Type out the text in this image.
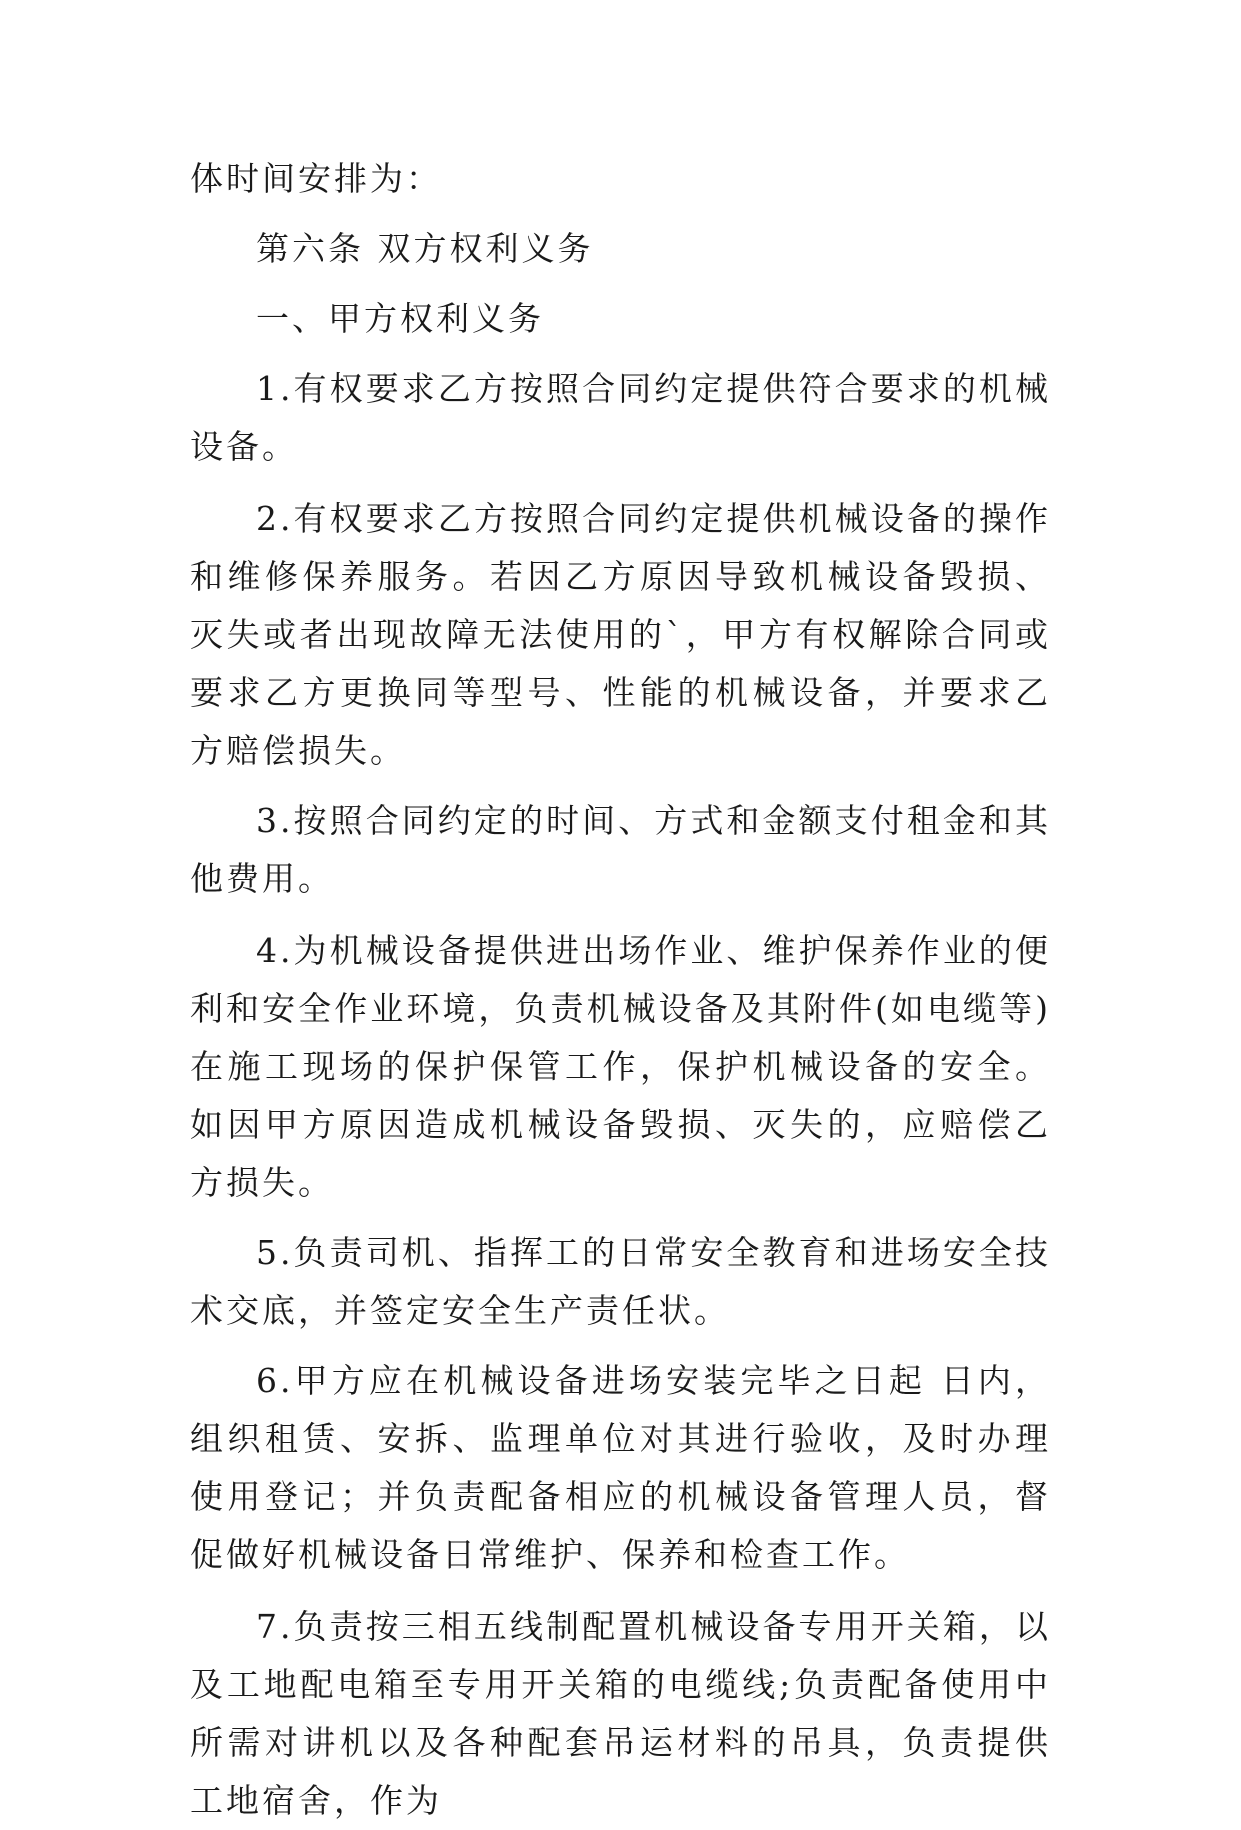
体时间安排为：

第六条 双方权利义务

一、甲方权利义务

1.有权要求乙方按照合同约定提供符合要求的机械设备。

2.有权要求乙方按照合同约定提供机械设备的操作和维修保养服务。若因乙方原因导致机械设备毁损、灭失或者出现故障无法使用的`，甲方有权解除合同或要求乙方更换同等型号、性能的机械设备，并要求乙方赔偿损失。

3.按照合同约定的时间、方式和金额支付租金和其他费用。

4.为机械设备提供进出场作业、维护保养作业的便利和安全作业环境，负责机械设备及其附件(如电缆等)在施工现场的保护保管工作，保护机械设备的安全。如因甲方原因造成机械设备毁损、灭失的，应赔偿乙方损失。

5.负责司机、指挥工的日常安全教育和进场安全技术交底，并签定安全生产责任状。

6.甲方应在机械设备进场安装完毕之日起 日内，组织租赁、安拆、监理单位对其进行验收，及时办理使用登记；并负责配备相应的机械设备管理人员，督促做好机械设备日常维护、保养和检查工作。

7.负责按三相五线制配置机械设备专用开关箱，以及工地配电箱至专用开关箱的电缆线;负责配备使用中所需对讲机以及各种配套吊运材料的吊具，负责提供工地宿舍，作为
